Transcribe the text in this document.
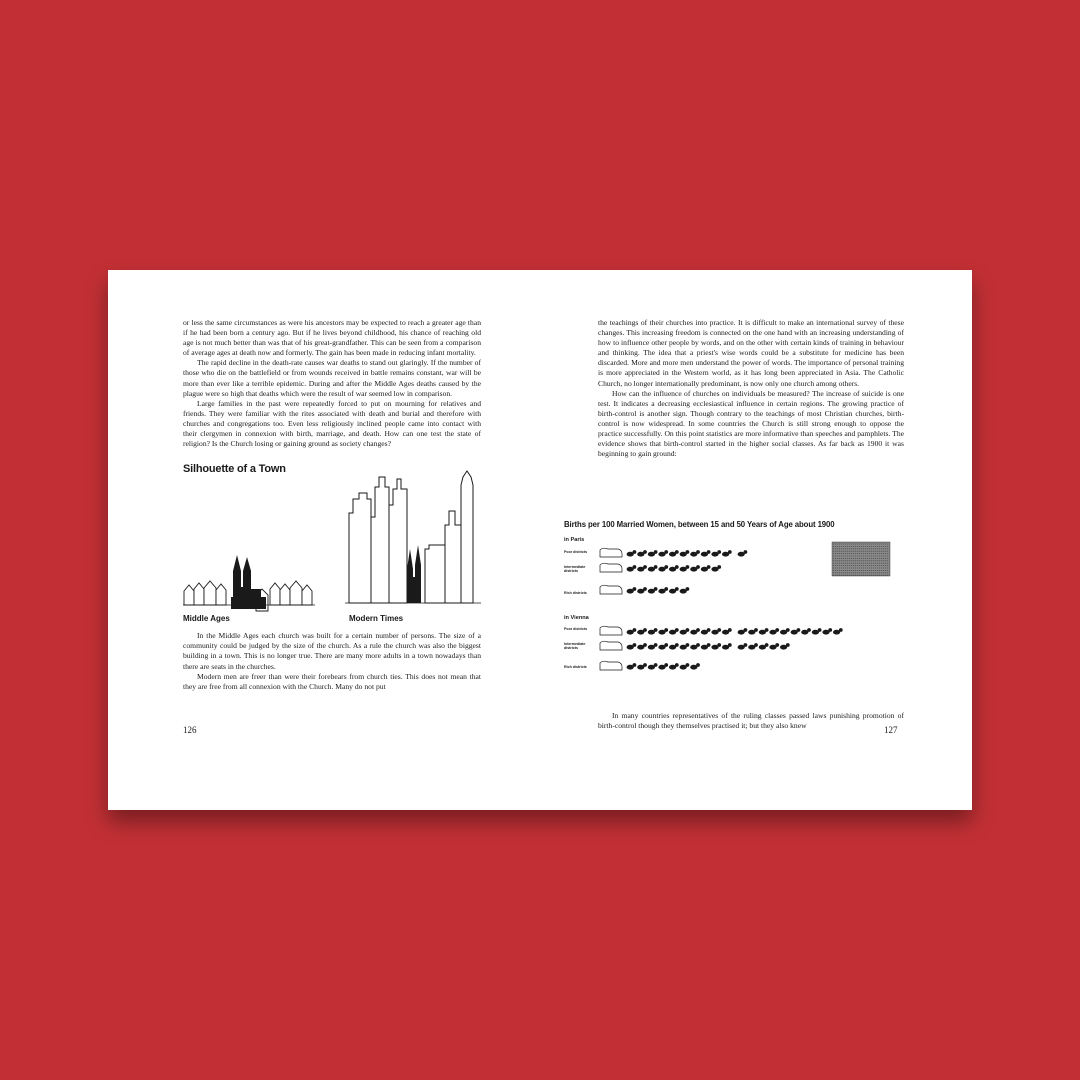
or less the same circumstances as were his ancestors may be expected to reach a greater age than if he had been born a century ago. But if he lives beyond childhood, his chance of reaching old age is not much better than was that of his great-grandfather. This can be seen from a comparison of average ages at death now and formerly. The gain has been made in reducing infant mortality.

The rapid decline in the death-rate causes war deaths to stand out glaringly. If the number of those who die on the battlefield or from wounds received in battle remains constant, war will be more than ever like a terrible epidemic. During and after the Middle Ages deaths caused by the plague were so high that deaths which were the result of war seemed low in comparison.

Large families in the past were repeatedly forced to put on mourning for relatives and friends. They were familiar with the rites associated with death and burial and therefore with churches and congregations too. Even less religiously inclined people came into contact with their clergymen in connexion with birth, marriage, and death. How can one test the state of religion? Is the Church losing or gaining ground as society changes?

Silhouette of a Town
Middle Ages	Modern Times

In the Middle Ages each church was built for a certain number of persons. The size of a community could be judged by the size of the church. As a rule the church was also the biggest building in a town. This is no longer true. There are many more adults in a town nowadays than there are seats in the churches.

Modern men are freer than were their forebears from church ties. This does not mean that they are free from all connexion with the Church. Many do not put

126

the teachings of their churches into practice. It is difficult to make an international survey of these changes. This increasing freedom is connected on the one hand with an increasing understanding of how to influence other people by words, and on the other with certain kinds of training in behaviour and thinking. The idea that a priest's wise words could be a substitute for medicine has been discarded. More and more men understand the power of words. The importance of personal training is more appreciated in the Western world, as it has long been appreciated in Asia. The Catholic Church, no longer internationally predominant, is now only one church among others.

How can the influence of churches on individuals be measured? The increase of suicide is one test. It indicates a decreasing ecclesiastical influence in certain regions. The growing practice of birth-control is another sign. Though contrary to the teachings of most Christian churches, birth-control is now widespread. In some countries the Church is still strong enough to oppose the practice successfully. On this point statistics are more informative than speeches and pamphlets. The evidence shows that birth-control started in the higher social classes. As far back as 1900 it was beginning to gain ground:

Births per 100 Married Women, between 15 and 50 Years of Age about 1900
in Paris
Poor districts
Intermediate districts
Rich districts
in Vienna
Poor districts
Intermediate districts
Rich districts

In many countries representatives of the ruling classes passed laws punishing promotion of birth-control though they themselves practised it; but they also knew	127
